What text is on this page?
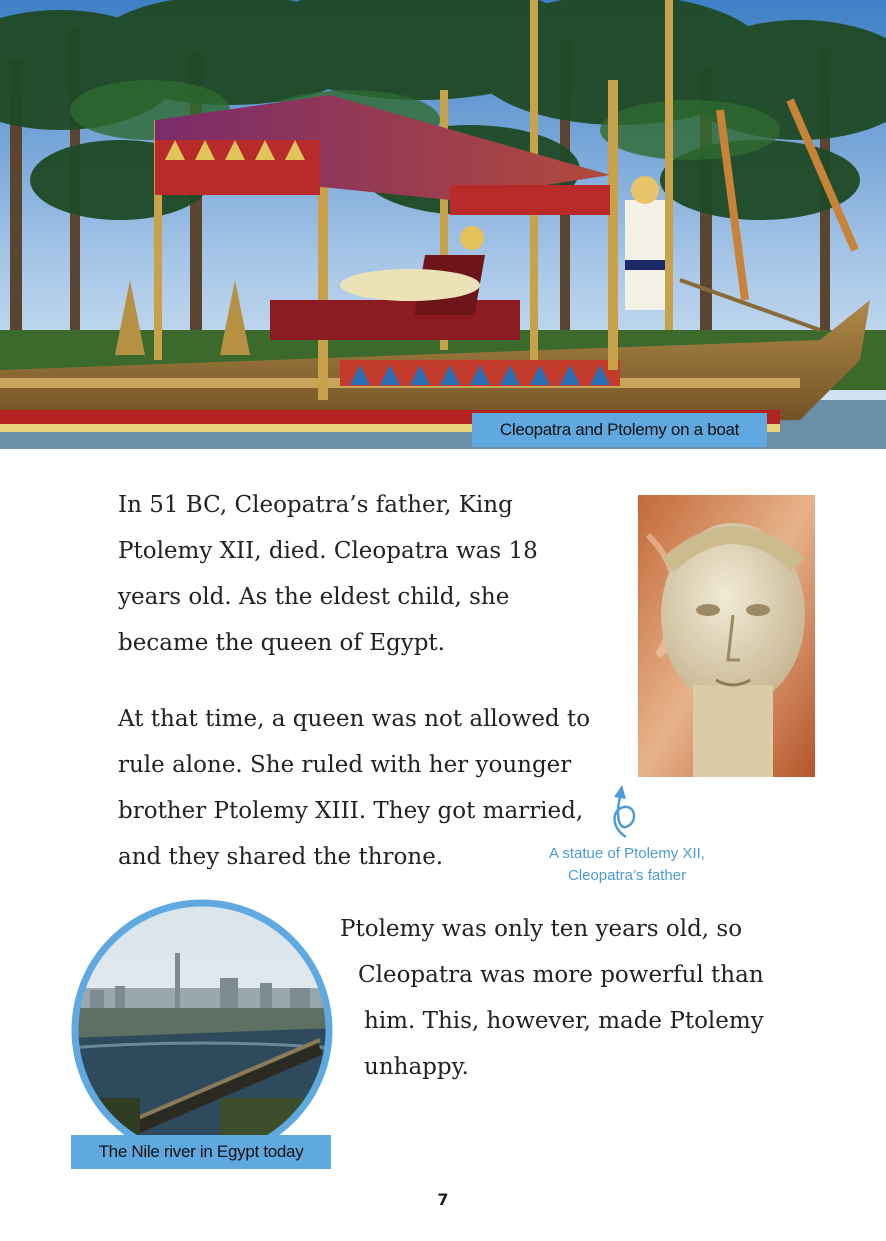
Cleopatra and Ptolemy on a boat

In 51 BC, Cleopatra’s father, King Ptolemy XII, died. Cleopatra was 18 years old. As the eldest child, she became the queen of Egypt.

At that time, a queen was not allowed to rule alone. She ruled with her younger brother Ptolemy XIII. They got married, and they shared the throne.	A statue of Ptolemy XII,
Cleopatra’s father
The Nile river in Egypt today
Ptolemy was only ten years old, so
Cleopatra was more powerful than
him. This, however, made Ptolemy
unhappy.
7
